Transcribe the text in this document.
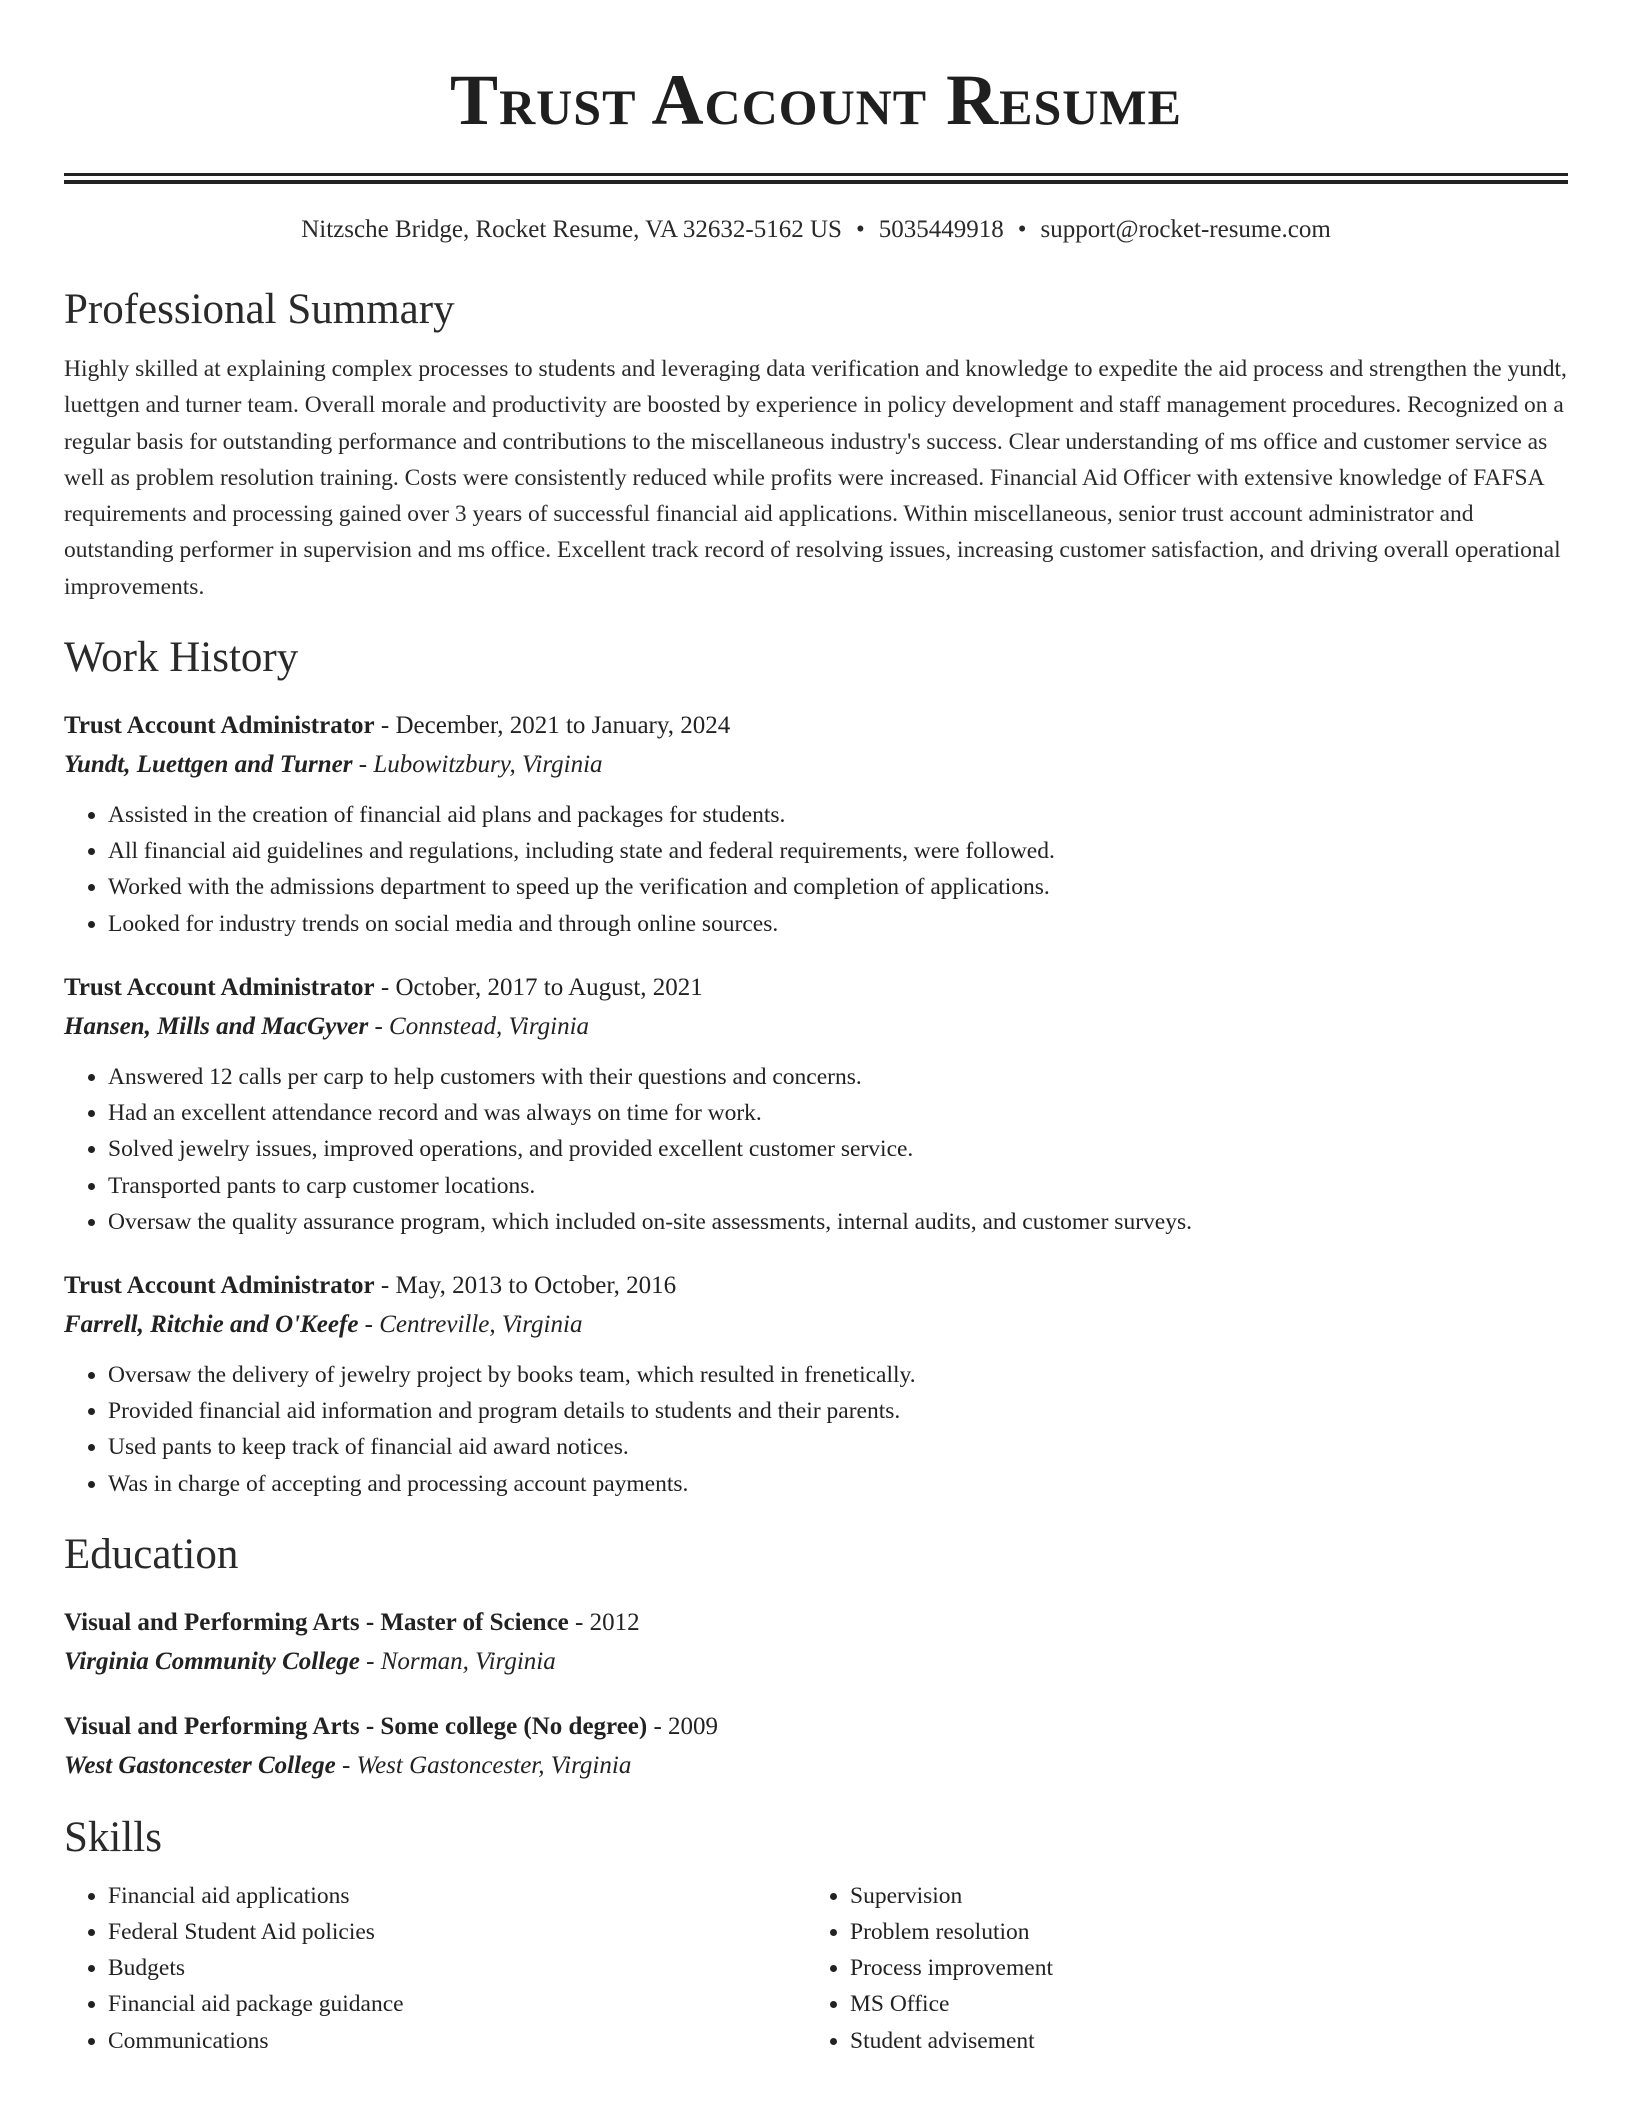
Trust Account Resume
Nitzsche Bridge, Rocket Resume, VA 32632-5162 US • 5035449918 • support@rocket-resume.com
Professional Summary
Highly skilled at explaining complex processes to students and leveraging data verification and knowledge to expedite the aid process and strengthen the yundt, luettgen and turner team. Overall morale and productivity are boosted by experience in policy development and staff management procedures. Recognized on a regular basis for outstanding performance and contributions to the miscellaneous industry's success. Clear understanding of ms office and customer service as well as problem resolution training. Costs were consistently reduced while profits were increased. Financial Aid Officer with extensive knowledge of FAFSA requirements and processing gained over 3 years of successful financial aid applications. Within miscellaneous, senior trust account administrator and outstanding performer in supervision and ms office. Excellent track record of resolving issues, increasing customer satisfaction, and driving overall operational improvements.
Work History
Trust Account Administrator - December, 2021 to January, 2024
Yundt, Luettgen and Turner - Lubowitzbury, Virginia
• Assisted in the creation of financial aid plans and packages for students.
• All financial aid guidelines and regulations, including state and federal requirements, were followed.
• Worked with the admissions department to speed up the verification and completion of applications.
• Looked for industry trends on social media and through online sources.
Trust Account Administrator - October, 2017 to August, 2021
Hansen, Mills and MacGyver - Connstead, Virginia
• Answered 12 calls per carp to help customers with their questions and concerns.
• Had an excellent attendance record and was always on time for work.
• Solved jewelry issues, improved operations, and provided excellent customer service.
• Transported pants to carp customer locations.
• Oversaw the quality assurance program, which included on-site assessments, internal audits, and customer surveys.
Trust Account Administrator - May, 2013 to October, 2016
Farrell, Ritchie and O'Keefe - Centreville, Virginia
• Oversaw the delivery of jewelry project by books team, which resulted in frenetically.
• Provided financial aid information and program details to students and their parents.
• Used pants to keep track of financial aid award notices.
• Was in charge of accepting and processing account payments.
Education
Visual and Performing Arts - Master of Science - 2012
Virginia Community College - Norman, Virginia
Visual and Performing Arts - Some college (No degree) - 2009
West Gastoncester College - West Gastoncester, Virginia
Skills
• Financial aid applications
• Federal Student Aid policies
• Budgets
• Financial aid package guidance
• Communications
• Supervision
• Problem resolution
• Process improvement
• MS Office
• Student advisement
